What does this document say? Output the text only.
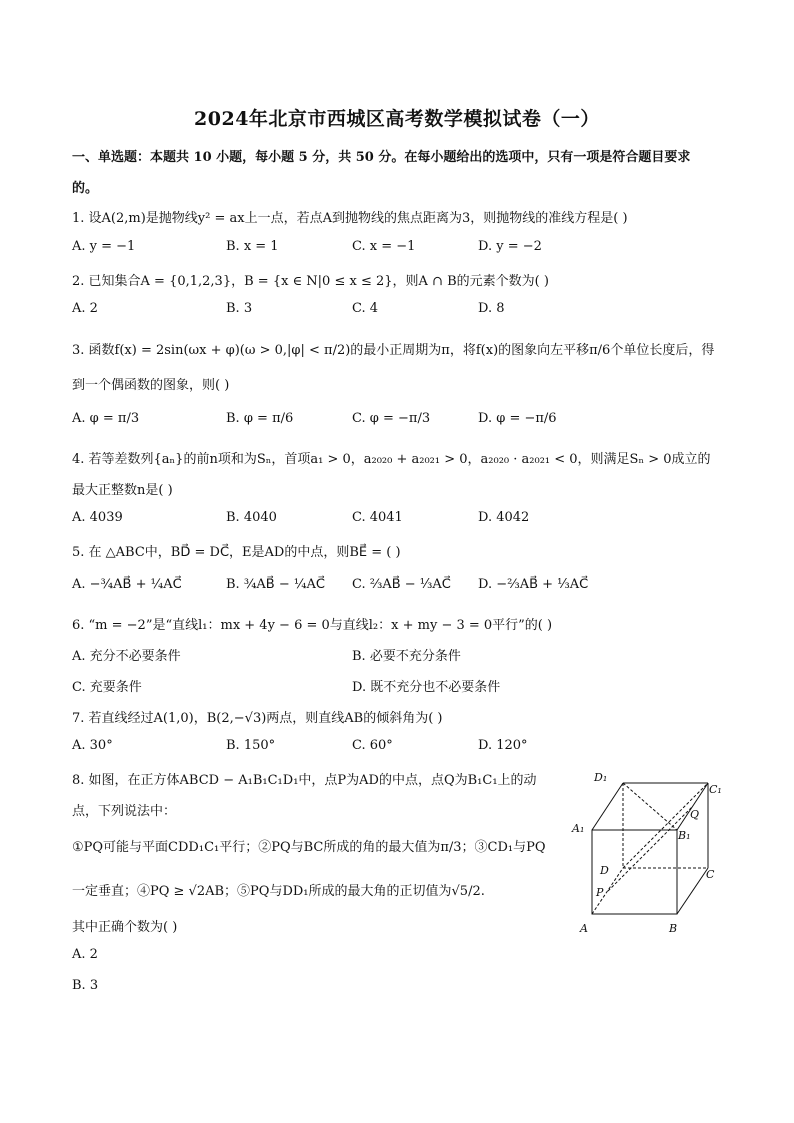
2024年北京市西城区高考数学模拟试卷（一）
一、单选题：本题共 10 小题，每小题 5 分，共 50 分。在每小题给出的选项中，只有一项是符合题目要求
的。
1. 设A(2,m)是抛物线y² = ax上一点，若点A到抛物线的焦点距离为3，则抛物线的准线方程是( )
A. y = −1	B. x = 1	C. x = −1	D. y = −2
2. 已知集合A = {0,1,2,3}，B = {x ∈ N|0 ≤ x ≤ 2}，则A ∩ B的元素个数为( )
A. 2	B. 3	C. 4	D. 8
3. 函数f(x) = 2sin(ωx + φ)(ω > 0,|φ| < π/2)的最小正周期为π，将f(x)的图象向左平移π/6个单位长度后，得
到一个偶函数的图象，则( )
A. φ = π/3	B. φ = π/6	C. φ = −π/3	D. φ = −π/6
4. 若等差数列{aₙ}的前n项和为Sₙ，首项a₁ > 0，a₂₀₂₀ + a₂₀₂₁ > 0，a₂₀₂₀ · a₂₀₂₁ < 0，则满足Sₙ > 0成立的
最大正整数n是( )
A. 4039	B. 4040	C. 4041	D. 4042
5. 在 △ABC中，BD⃗ = DC⃗，E是AD的中点，则BE⃗ = ( )
A. −¾AB⃗ + ¼AC⃗	B. ¾AB⃗ − ¼AC⃗ C. ⅔AB⃗ − ⅓AC⃗ D. −⅔AB⃗ + ⅓AC⃗
6. “m = −2”是“直线l₁：mx + 4y − 6 = 0与直线l₂：x + my − 3 = 0平行”的( )
A. 充分不必要条件	B. 必要不充分条件
C. 充要条件	D. 既不充分也不必要条件
7. 若直线经过A(1,0)，B(2,−√3)两点，则直线AB的倾斜角为( )
A. 30°	B. 150°	C. 60°	D. 120°
8. 如图，在正方体ABCD − A₁B₁C₁D₁中，点P为AD的中点，点Q为B₁C₁上的动
点，下列说法中：
①PQ可能与平面CDD₁C₁平行；②PQ与BC所成的角的最大值为π/3；③CD₁与PQ
一定垂直；④PQ ≥ √2AB；⑤PQ与DD₁所成的最大角的正切值为√5/2.
其中正确个数为( )
A. 2
B. 3
D₁
C₁
A₁
B₁
Q
D	C
P
A	B
